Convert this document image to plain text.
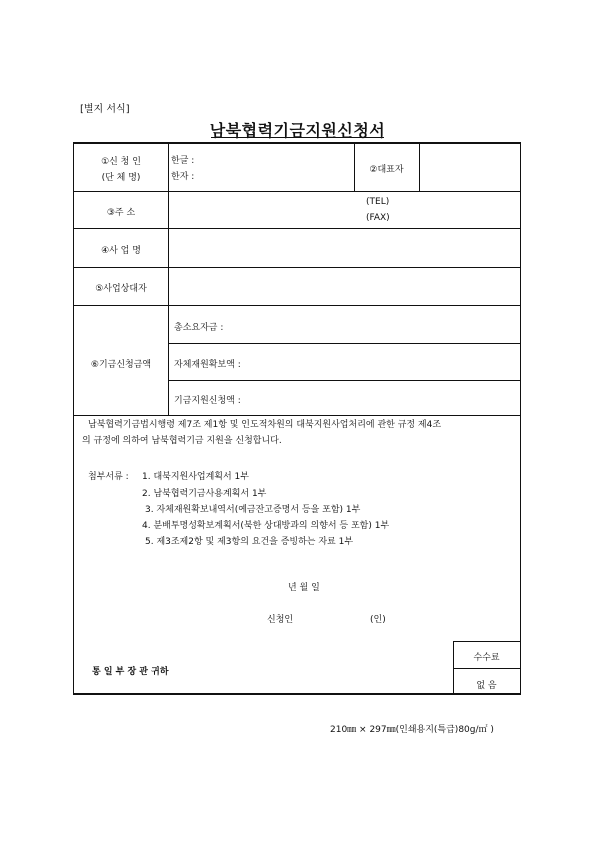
[별지 서식]
남북협력기금지원신청서
①신 청 인
(단 체 명)
한글 :
한자 :
②대표자
③주 소
(TEL)
(FAX)
④사 업 명
⑤사업상대자
⑥기금신청금액
총소요자금 :
자체재원확보액 :
기금지원신청액 :
남북협력기금법시행령 제7조 제1항 및 인도적차원의 대북지원사업처리에 관한 규정 제4조
의 규정에 의하여 남북협력기금 지원을 신청합니다.
첨부서류 : 1. 대북지원사업계획서 1부
2. 남북협력기금사용계획서 1부
3. 자체재원확보내역서(예금잔고증명서 등을 포함) 1부
4. 분배투명성확보계획서(북한 상대방과의 의향서 등 포함) 1부
5. 제3조제2항 및 제3항의 요건을 증빙하는 자료 1부
년 월 일
신청인	(인)
통 일 부 장 관 귀하
수수료
없 음
210㎜ × 297㎜(인쇄용지(특급)80g/㎡ )
